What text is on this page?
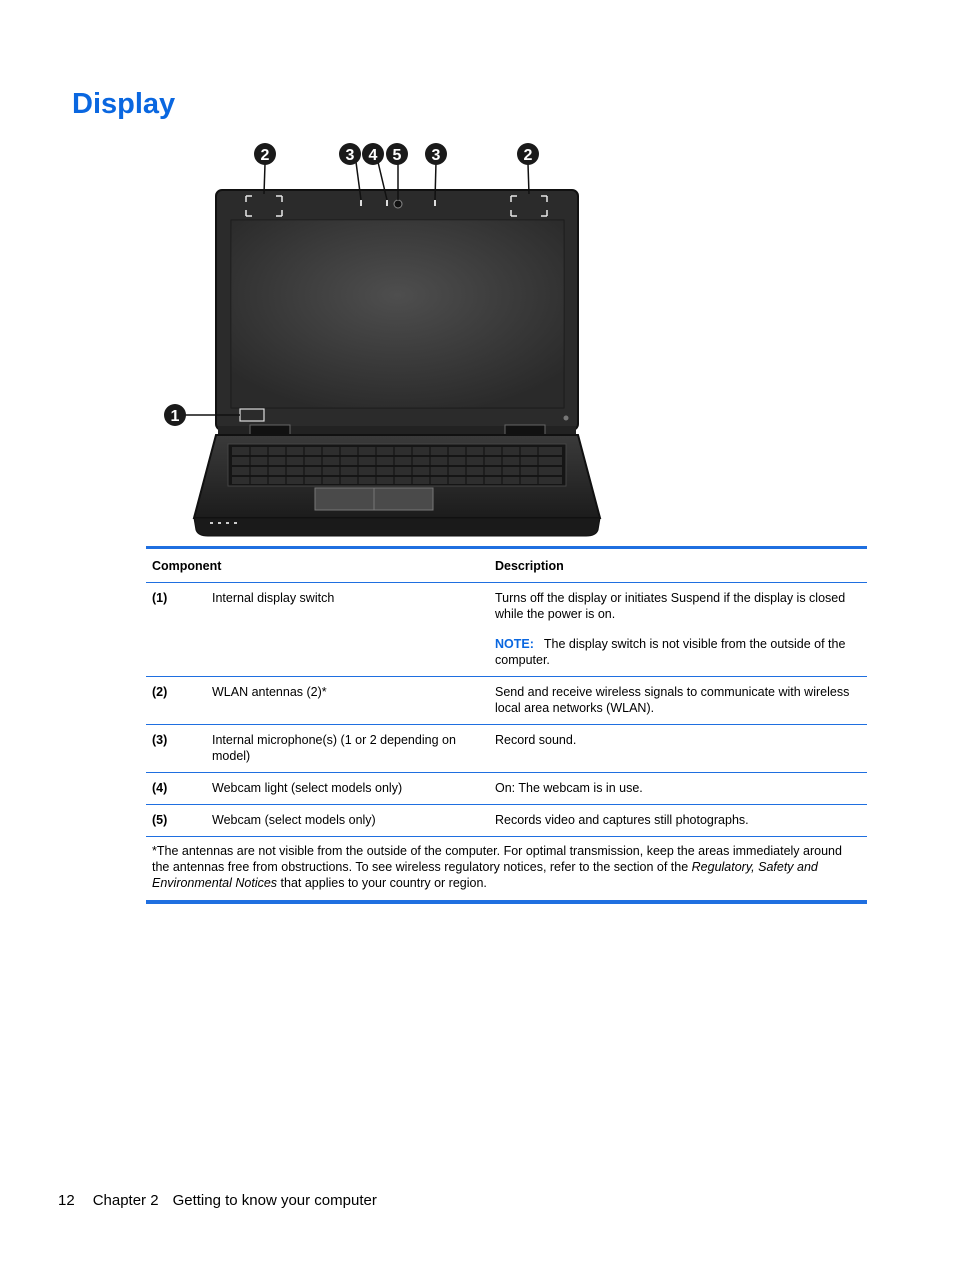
Display
2	3 4 5 3	2
1
Component		Description
(1)	Internal display switch	Turns off the display or initiates Suspend if the display is closed while the power is on.
NOTE: The display switch is not visible from the outside of the computer.

(2)	WLAN antennas (2)*	Send and receive wireless signals to communicate with wireless local area networks (WLAN).
(3)	Internal microphone(s) (1 or 2 depending on model)	Record sound.
(4)	Webcam light (select models only)	On: The webcam is in use.
(5)	Webcam (select models only)	Records video and captures still photographs.
*The antennas are not visible from the outside of the computer. For optimal transmission, keep the areas immediately around the antennas free from obstructions. To see wireless regulatory notices, refer to the section of the Regulatory, Safety and Environmental Notices that applies to your country or region.		
12 Chapter 2 Getting to know your computer
